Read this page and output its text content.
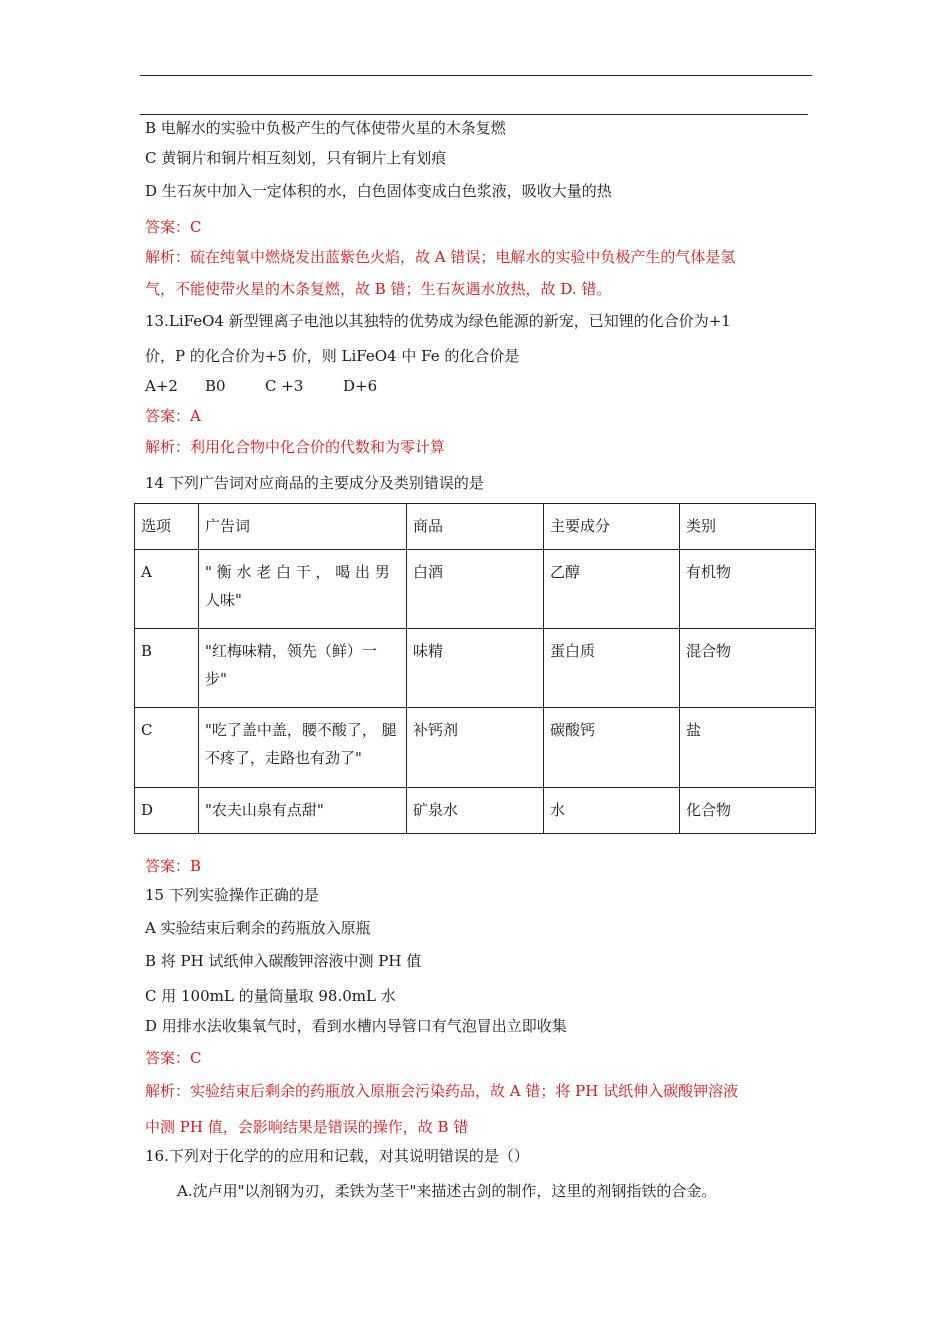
B 电解水的实验中负极产生的气体使带火星的木条复燃
C 黄铜片和铜片相互刻划，只有铜片上有划痕
D 生石灰中加入一定体积的水，白色固体变成白色浆液，吸收大量的热
答案：C
解析：硫在纯氧中燃烧发出蓝紫色火焰，故 A 错误；电解水的实验中负极产生的气体是氢
气，不能使带火星的木条复燃，故 B 错；生石灰遇水放热，故 D. 错。
13.LiFeO4 新型锂离子电池以其独特的优势成为绿色能源的新宠，已知锂的化合价为+1
价，P 的化合价为+5 价，则 LiFeO4 中 Fe 的化合价是
A+2 B0	C +3	D+6
答案：A
解析：利用化合物中化合价的代数和为零计算
14 下列广告词对应商品的主要成分及类别错误的是
选项	广告词	商品	主要成分	类别
A	" 衡 水 老 白 干 ， 喝 出 男 人味"	白酒	乙醇	有机物
B	"红梅味精，领先（鲜）一 步"	味精	蛋白质	混合物
C	"吃了盖中盖，腰不酸了， 腿不疼了，走路也有劲了"	补钙剂	碳酸钙	盐
D	"农夫山泉有点甜"	矿泉水	水	化合物
答案：B
15 下列实验操作正确的是
A 实验结束后剩余的药瓶放入原瓶
B 将 PH 试纸伸入碳酸钾溶液中测 PH 值
C 用 100mL 的量筒量取 98.0mL 水
D 用排水法收集氧气时，看到水槽内导管口有气泡冒出立即收集
答案：C
解析：实验结束后剩余的药瓶放入原瓶会污染药品，故 A 错；将 PH 试纸伸入碳酸钾溶液
中测 PH 值，会影响结果是错误的操作，故 B 错
16.下列对于化学的的应用和记载，对其说明错误的是（）
A.沈卢用"以剂钢为刃，柔铁为茎干"来描述古剑的制作，这里的剂钢指铁的合金。
